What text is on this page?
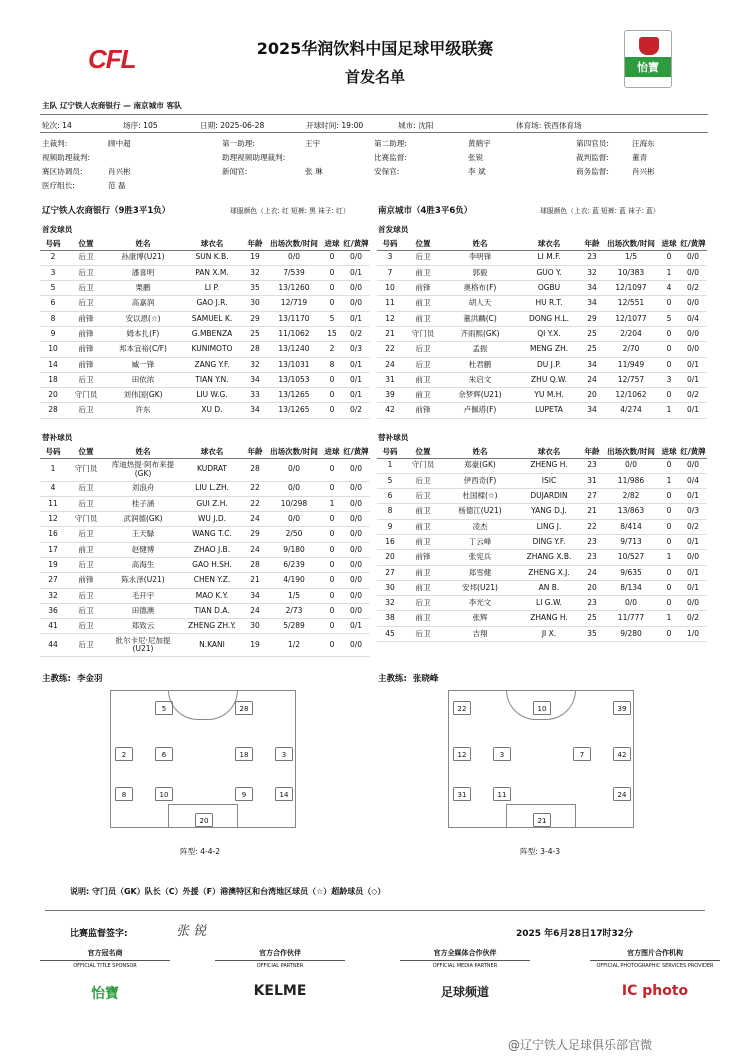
CFL	怡寶
2025华润饮料中国足球甲级联赛
首发名单
主队 辽宁铁人农商银行 — 南京城市 客队
轮次: 14	场序: 105	日期: 2025-06-28	开球时间: 19:00	城市: 沈阳	体育场: 铁西体育场
主裁判:	顾中超	第一助理:	王宇	第二助理:	黄鹤宇	第四官员:	汪海东
视频助理裁判:	助理视频助理裁判:	比赛监督:	张锐	裁判监督:	董青
赛区协调员:	肖兴彬	新闻官:	张 琳	安保官:	李 斌	商务监督:	肖兴彬
医疗组长:	范 磊
辽宁铁人农商银行（9胜3平1负）	球服颜色（上衣: 红 短裤: 黑 袜子: 红）	南京城市（4胜3平6负）	球服颜色（上衣: 蓝 短裤: 蓝 袜子: 蓝）
首发球员	首发球员
号码	位置	姓名	球衣名	年龄	出场次数/时间	进球	红/黄牌
2	后卫	孙康博(U21)	SUN K.B.	19	0/0	0	0/0
3	后卫	潘喜明	PAN X.M.	32	7/539	0	0/1
5	后卫	栗鹏	LI P.	35	13/1260	0	0/0
6	后卫	高嘉润	GAO J.R.	30	12/719	0	0/0
8	前锋	安以恩(☆)	SAMUEL K.	29	13/1170	5	0/1
9	前锋	姆本扎(F)	G.MBENZA	25	11/1062	15	0/2
10	前锋	邦本宜裕(C/F)	KUNIMOTO	28	13/1240	2	0/3
14	前锋	臧一锋	ZANG Y.F.	32	13/1031	8	0/1
18	后卫	田依浓	TIAN Y.N.	34	13/1053	0	0/1
20	守门员	刘伟国(GK)	LIU W.G.	33	13/1265	0	0/1
28	后卫	许东	XU D.	34	13/1265	0	0/2
号码	位置	姓名	球衣名	年龄	出场次数/时间	进球	红/黄牌
3	后卫	李明锋	LI M.F.	23	1/5	0	0/0
7	前卫	郭毅	GUO Y.	32	10/383	1	0/0
10	前锋	奥格布(F)	OGBU	34	12/1097	4	0/2
11	前卫	胡人天	HU R.T.	34	12/551	0	0/0
12	前卫	董洪麟(C)	DONG H.L.	29	12/1077	5	0/4
21	守门员	齐雨熙(GK)	QI Y.X.	25	2/204	0	0/0
22	后卫	孟振	MENG ZH.	25	2/70	0	0/0
24	后卫	杜君鹏	DU J.P.	34	11/949	0	0/1
31	前卫	朱启文	ZHU Q.W.	24	12/757	3	0/1
39	前卫	余梦辉(U21)	YU M.H.	20	12/1062	0	0/2
42	前锋	卢佩塔(F)	LUPETA	34	4/274	1	0/1
替补球员	替补球员
号码	位置	姓名	球衣名	年龄	出场次数/时间	进球	红/黄牌
1	守门员	库迪热提·阿布来提(GK)	KUDRAT	28	0/0	0	0/0
4	后卫	刘浪舟	LIU L.ZH.	22	0/0	0	0/0
11	后卫	桂子涵	GUI Z.H.	22	10/298	1	0/0
12	守门员	武润德(GK)	WU J.D.	24	0/0	0	0/0
16	后卫	王天騄	WANG T.C.	29	2/50	0	0/0
17	前卫	赵健博	ZHAO J.B.	24	9/180	0	0/0
19	后卫	高海生	GAO H.SH.	28	6/239	0	0/0
27	前锋	陈永泽(U21)	CHEN Y.Z.	21	4/190	0	0/0
32	后卫	毛开宇	MAO K.Y.	34	1/5	0	0/0
36	后卫	田德澳	TIAN D.A.	24	2/73	0	0/0
41	后卫	郑致云	ZHENG ZH.Y.	30	5/289	0	0/1
44	后卫	批尔卡尼·尼加提(U21)	N.KANI	19	1/2	0	0/0
号码	位置	姓名	球衣名	年龄	出场次数/时间	进球	红/黄牌
1	守门员	郑豪(GK)	ZHENG H.	23	0/0	0	0/0
5	后卫	伊西奇(F)	ISIC	31	11/986	1	0/4
6	后卫	杜国樑(☆)	DUJARDIN	27	2/82	0	0/1
8	前卫	杨德江(U21)	YANG D.J.	21	13/863	0	0/3
9	前卫	凌杰	LING J.	22	8/414	0	0/2
16	前卫	丁云峰	DING Y.F.	23	9/713	0	0/1
20	前锋	张宪兵	ZHANG X.B.	23	10/527	1	0/0
27	前卫	郑雪健	ZHENG X.J.	24	9/635	0	0/1
30	前卫	安邦(U21)	AN B.	20	8/134	0	0/1
32	后卫	李光文	LI G.W.	23	0/0	0	0/0
38	前卫	张辉	ZHANG H.	25	11/777	1	0/2
45	后卫	吉翔	JI X.	35	9/280	0	1/0
主教练: 李金羽	主教练: 张晓峰
5	28
3
18
6
10	9	14
8
20
2
22	10	39
12	3	7	42
31	24
21
11
阵型: 4-4-2	阵型: 3-4-3
说明: 守门员（GK）队长（C）外援（F）港澳特区和台湾地区球员（☆）超龄球员（◇）
比赛监督签字:	张 锐	2025 年6月28日17时32分
官方冠名商
OFFICIAL TITLE SPONSOR
怡寶
官方合作伙伴
OFFICIAL PARTNER
KELME
官方全媒体合作伙伴
OFFICIAL MEDIA PARTNER
足球频道
官方图片合作机构
OFFICIAL PHOTOGRAPHIC SERVICES PROVIDER
IC photo
@辽宁铁人足球俱乐部官微
